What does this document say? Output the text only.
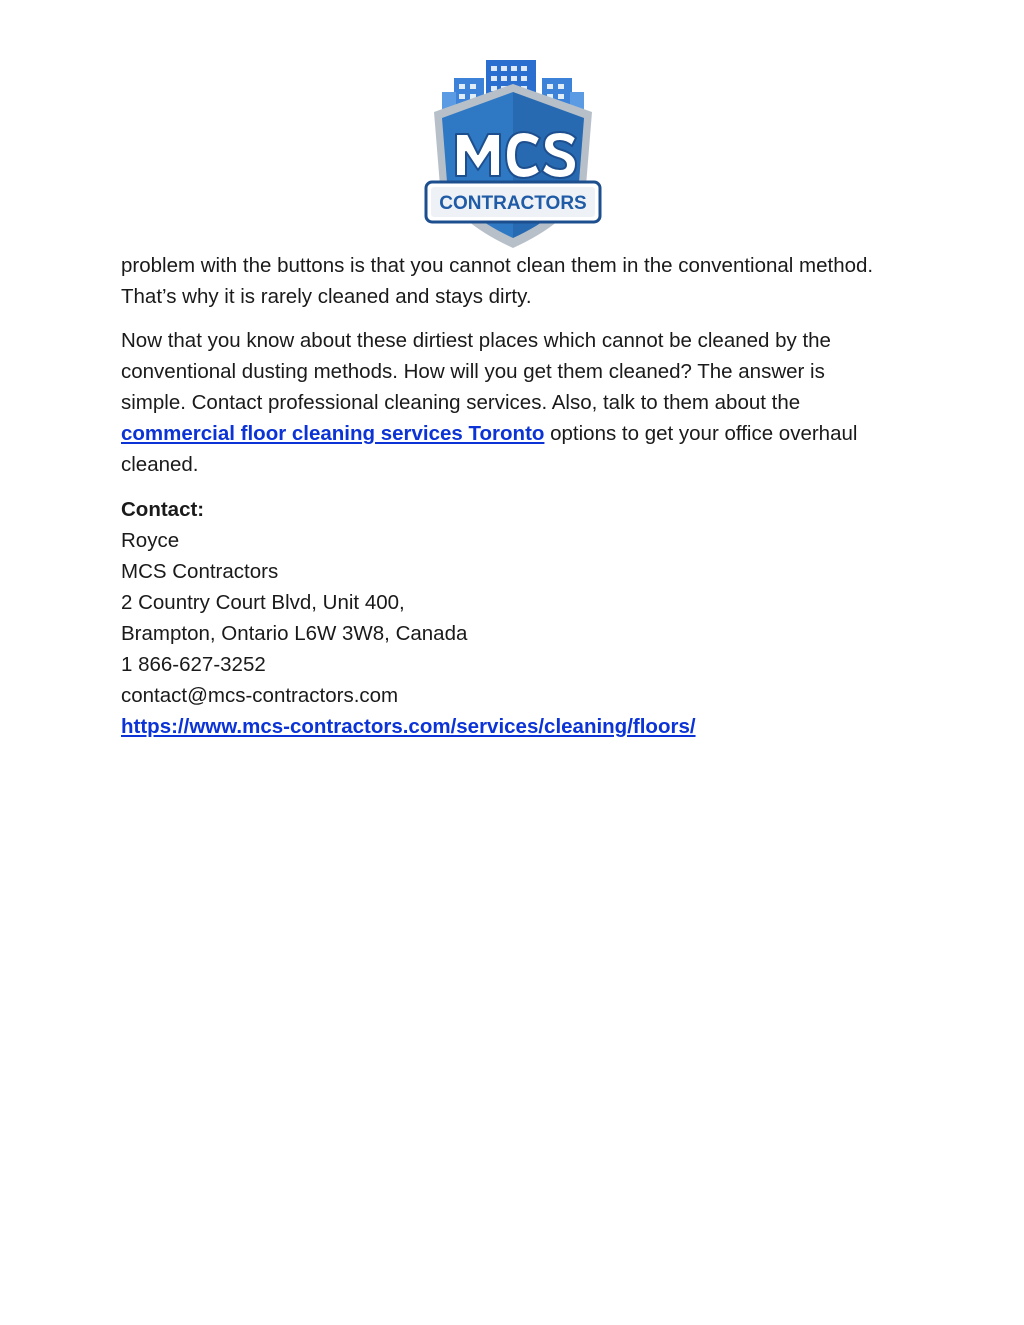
CONTRACTORS

problem with the buttons is that you cannot clean them in the conventional method. That’s why it is rarely cleaned and stays dirty.

Now that you know about these dirtiest places which cannot be cleaned by the conventional dusting methods. How will you get them cleaned? The answer is simple. Contact professional cleaning services. Also, talk to them about the commercial floor cleaning services Toronto options to get your office overhaul cleaned.

Contact:
Royce
MCS Contractors
2 Country Court Blvd, Unit 400,
Brampton, Ontario L6W 3W8, Canada
1 866-627-3252
contact@mcs-contractors.com
https://www.mcs-contractors.com/services/cleaning/floors/
